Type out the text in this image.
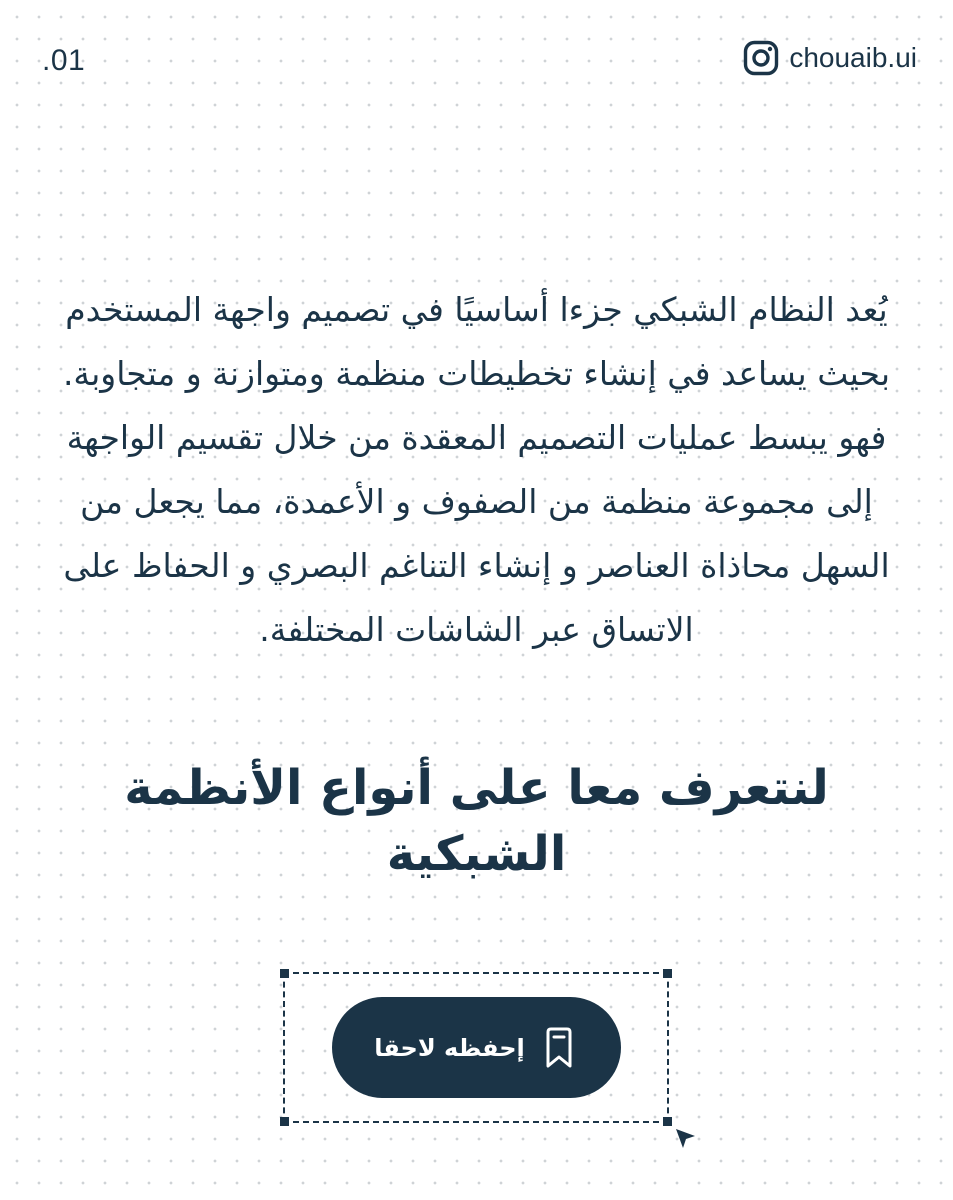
.01	chouaib.ui

يُعد النظام الشبكي جزءا أساسيًا في تصميم واجهة المستخدم بحيث يساعد في إنشاء تخطيطات منظمة ومتوازنة و متجاوبة. فهو يبسط عمليات التصميم المعقدة من خلال تقسيم الواجهة إلى مجموعة منظمة من الصفوف و الأعمدة، مما يجعل من السهل محاذاة العناصر و إنشاء التناغم البصري و الحفاظ على الاتساق عبر الشاشات المختلفة.

لنتعرف معا على أنواع الأنظمة الشبكية
إحفظه لاحقا
